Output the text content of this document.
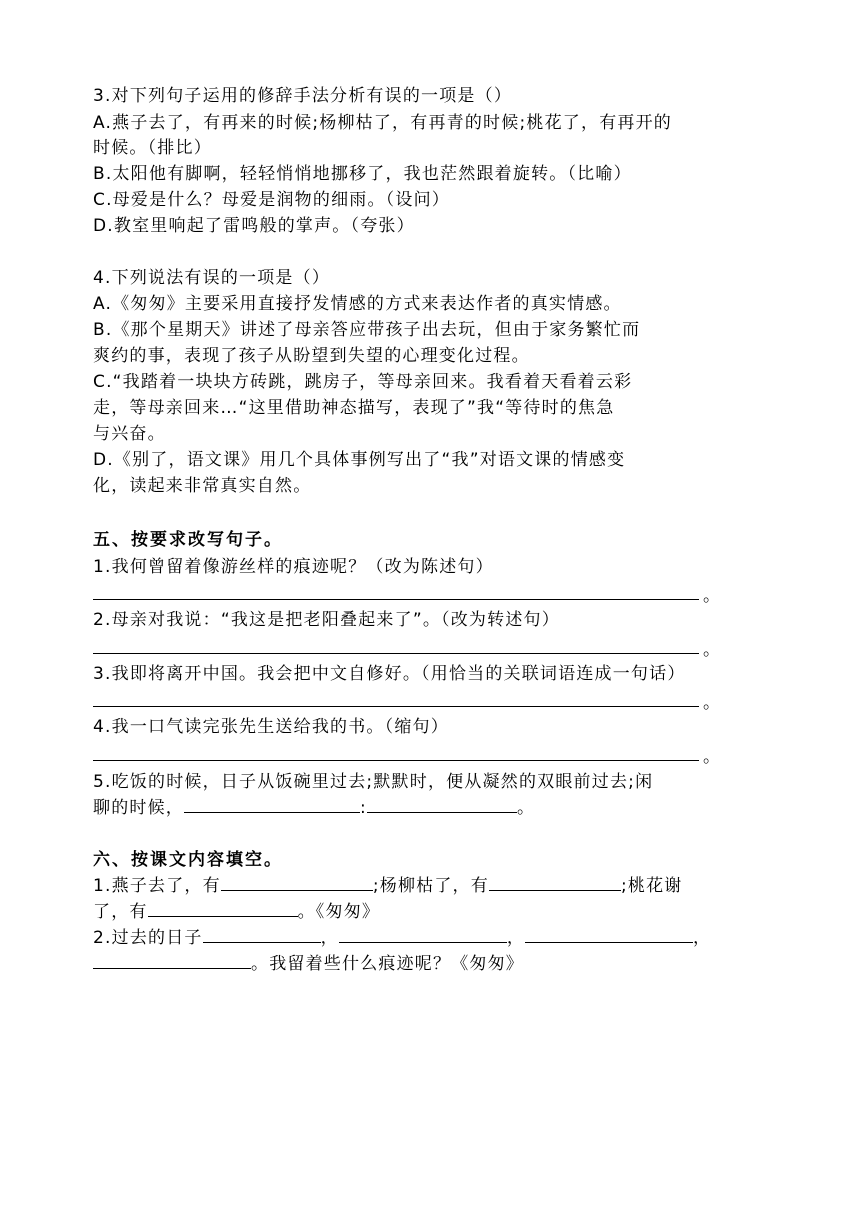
3.对下列句子运用的修辞手法分析有误的一项是（）
A.燕子去了，有再来的时候;杨柳枯了，有再青的时候;桃花了，有再开的
时候。（排比）
B.太阳他有脚啊，轻轻悄悄地挪移了，我也茫然跟着旋转。（比喻）
C.母爱是什么？母爱是润物的细雨。（设问）
D.教室里响起了雷鸣般的掌声。（夸张）
4.下列说法有误的一项是（）
A.《匆匆》主要采用直接抒发情感的方式来表达作者的真实情感。
B.《那个星期天》讲述了母亲答应带孩子出去玩，但由于家务繁忙而
爽约的事，表现了孩子从盼望到失望的心理变化过程。
C.“我踏着一块块方砖跳，跳房子，等母亲回来。我看着天看着云彩
走，等母亲回来…“这里借助神态描写，表现了”我“等待时的焦急
与兴奋。
D.《别了，语文课》用几个具体事例写出了“我”对语文课的情感变
化，读起来非常真实自然。
五、按要求改写句子。
1.我何曾留着像游丝样的痕迹呢？（改为陈述句）
。
2.母亲对我说：“我这是把老阳叠起来了”。（改为转述句）
。
3.我即将离开中国。我会把中文自修好。（用恰当的关联词语连成一句话）
。
4.我一口气读完张先生送给我的书。（缩句）
。
5.吃饭的时候，日子从饭碗里过去;默默时，便从凝然的双眼前过去;闲
聊的时候，	:	。
六、按课文内容填空。
1.燕子去了，有	;杨柳枯了，有	;桃花谢
了，有	。《匆匆》
2.过去的日子	，	，	，
。我留着些什么痕迹呢？《匆匆》
